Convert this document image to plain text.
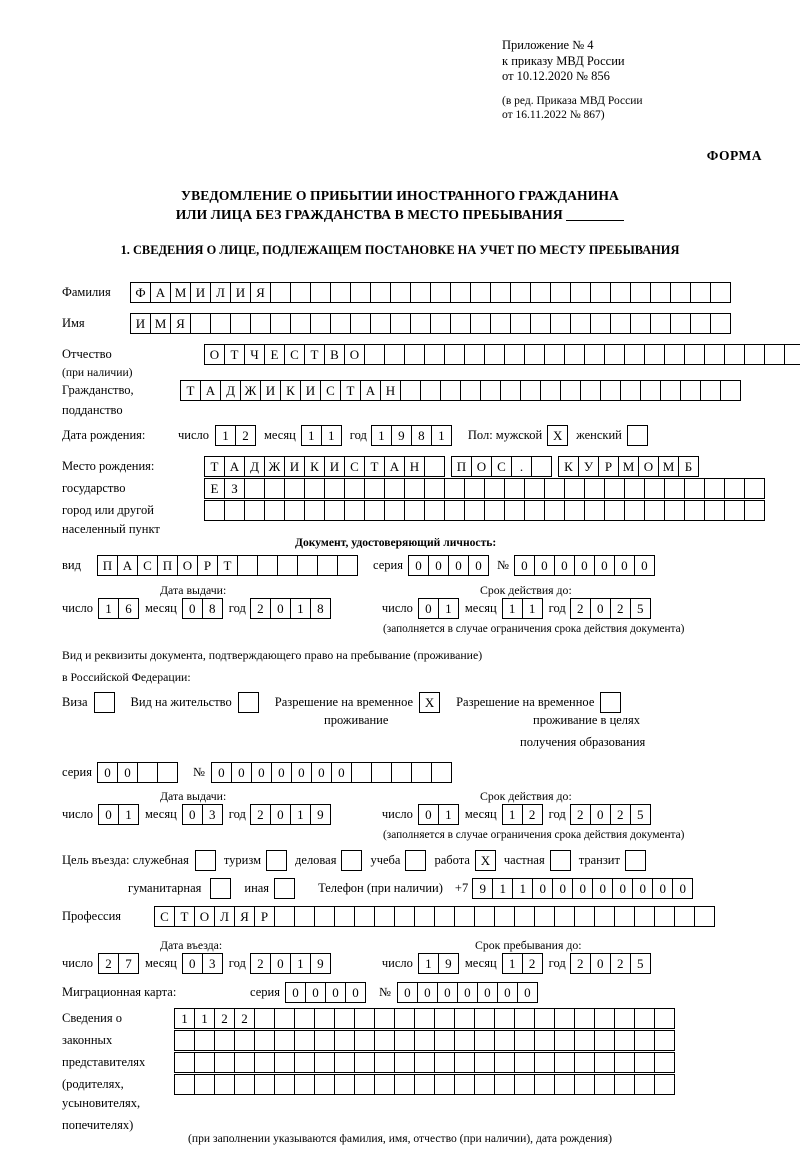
Приложение № 4
к приказу МВД России
от 10.12.2020 № 856
(в ред. Приказа МВД России
от 16.11.2022 № 867)
ФОРМА
УВЕДОМЛЕНИЕ О ПРИБЫТИИ ИНОСТРАННОГО ГРАЖДАНИНА
ИЛИ ЛИЦА БЕЗ ГРАЖДАНСТВА В МЕСТО ПРЕБЫВАНИЯ
1. СВЕДЕНИЯ О ЛИЦЕ, ПОДЛЕЖАЩЕМ ПОСТАНОВКЕ НА УЧЕТ ПО МЕСТУ ПРЕБЫВАНИЯ
Фамилия	Ф А М И Л И Я
Имя	И М Я
Отчество	О Т Ч Е С Т В О
(при наличии)
Гражданство,	Т А Д Ж И К И С Т А Н
подданство
Дата рождения:	число	1	2	месяц 1	1	год 1	9	8	1	Пол: мужской Х	женский
Место рождения:	Т А Д Ж И К И С Т А Н	П О С	.	К У Р М О М Б
государство	Е З
город или другой
населенный пункт
Документ, удостоверяющий личность:
вид	П А С П О Р Т	серия 0	0	0	0	№ 0	0	0	0	0	0	0
Дата выдачи:	Срок действия до:
число 1	6	месяц 0	8	год 2	0	1	8	число 0	1	месяц 1	1	год 2	0	2	5
(заполняется в случае ограничения срока действия документа)
Вид и реквизиты документа, подтверждающего право на пребывание (проживание)
в Российской Федерации:
Виза	Вид на жительство	Разрешение на временное Х	Разрешение на временное
проживание	проживание в целях
получения образования
серия 0	0	№	0	0	0	0	0	0	0
Дата выдачи:	Срок действия до:
число 0	1	месяц 0	3	год 2	0	1	9	число 0	1	месяц 1	2	год 2	0	2	5
(заполняется в случае ограничения срока действия документа)
Цель въезда: служебная	туризм	деловая	учеба	работа Х	частная	транзит
гуманитарная	иная	Телефон (при наличии) +7 9	1	1	0	0	0	0	0	0	0	0
Профессия	С Т О Л Я Р
Дата въезда:	Срок пребывания до:
число 2	7	месяц 0	3	год 2	0	1	9	число 1	9	месяц 1	2	год 2	0	2	5
Миграционная карта:	серия 0	0	0	0	№	0	0	0	0	0	0	0
Сведения о	1	1	2	2
законных
представителях
(родителях,
усыновителях,
попечителях)
(при заполнении указываются фамилия, имя, отчество (при наличии), дата рождения)
